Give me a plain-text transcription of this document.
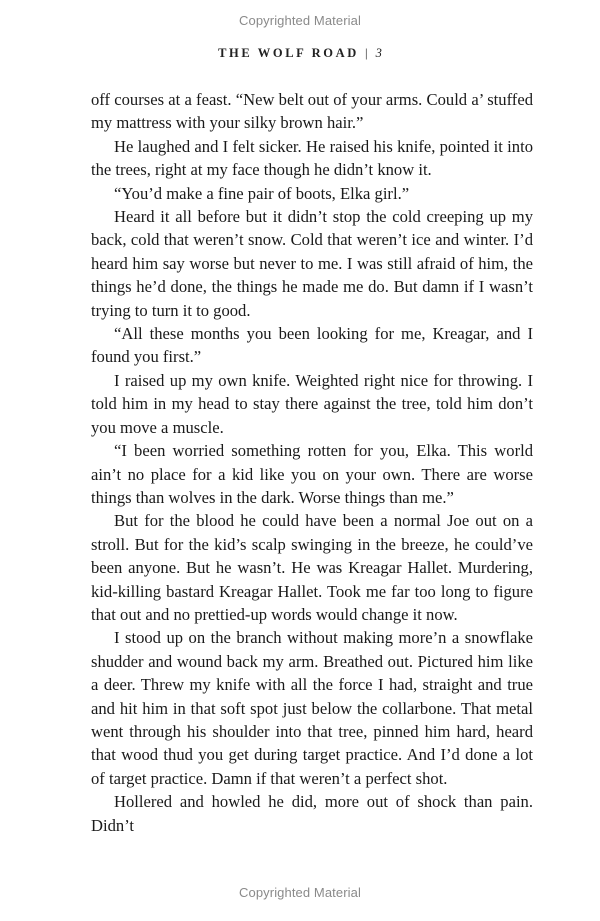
Copyrighted Material
THE WOLF ROAD | 3

off courses at a feast. “New belt out of your arms. Could a’ stuffed my mattress with your silky brown hair.”

He laughed and I felt sicker. He raised his knife, pointed it into the trees, right at my face though he didn’t know it.

“You’d make a fine pair of boots, Elka girl.”

Heard it all before but it didn’t stop the cold creeping up my back, cold that weren’t snow. Cold that weren’t ice and winter. I’d heard him say worse but never to me. I was still afraid of him, the things he’d done, the things he made me do. But damn if I wasn’t trying to turn it to good.

“All these months you been looking for me, Kreagar, and I found you first.”

I raised up my own knife. Weighted right nice for throwing. I told him in my head to stay there against the tree, told him don’t you move a muscle.

“I been worried something rotten for you, Elka. This world ain’t no place for a kid like you on your own. There are worse things than wolves in the dark. Worse things than me.”

But for the blood he could have been a normal Joe out on a stroll. But for the kid’s scalp swinging in the breeze, he could’ve been anyone. But he wasn’t. He was Kreagar Hallet. Murdering, kid-killing bastard Kreagar Hallet. Took me far too long to figure that out and no prettied-up words would change it now.

I stood up on the branch without making more’n a snowflake shudder and wound back my arm. Breathed out. Pictured him like a deer. Threw my knife with all the force I had, straight and true and hit him in that soft spot just below the collarbone. That metal went through his shoulder into that tree, pinned him hard, heard that wood thud you get during target practice. And I’d done a lot of target practice. Damn if that weren’t a perfect shot.

Hollered and howled he did, more out of shock than pain. Didn’t

Copyrighted Material
